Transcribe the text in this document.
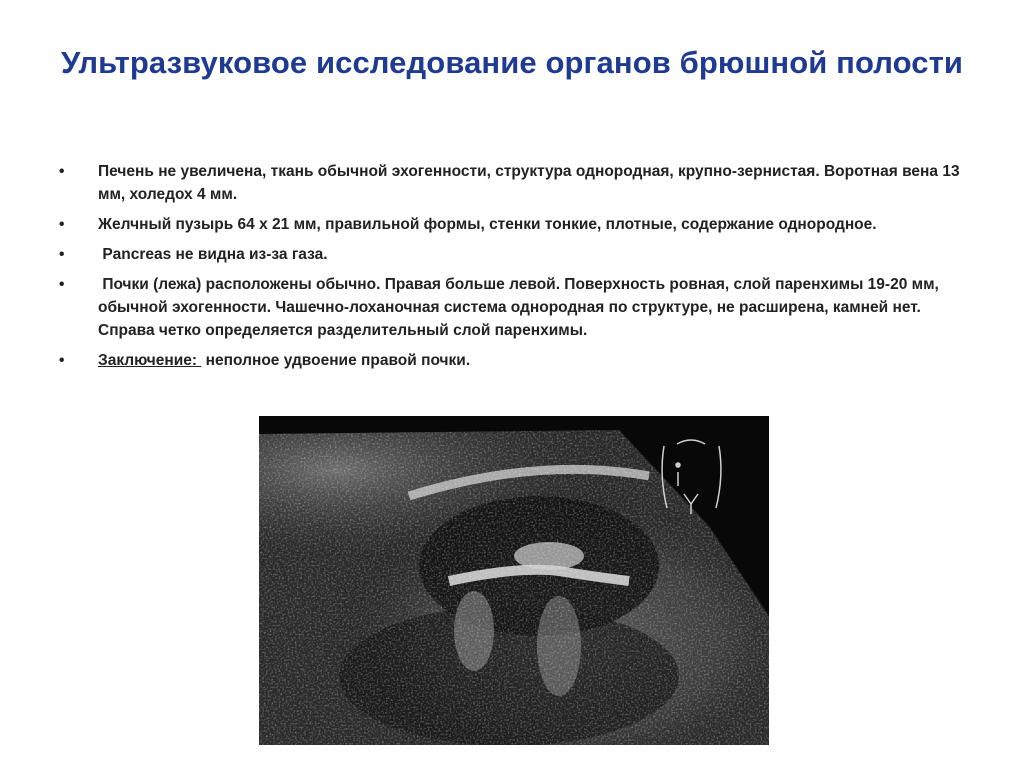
Ультразвуковое исследование органов брюшной полости
• Печень не увеличена, ткань обычной эхогенности, структура однородная, крупно-зернистая. Воротная вена 13 мм, холедох 4 мм.
• Желчный пузырь 64 х 21 мм, правильной формы, стенки тонкие, плотные, содержание однородное.
• Pancreas не видна из-за газа.
• Почки (лежа) расположены обычно. Правая больше левой. Поверхность ровная, слой паренхимы 19-20 мм, обычной эхогенности. Чашечно-лоханочная система однородная по структуре, не расширена, камней нет. Справа четко определяется разделительный слой паренхимы.
• Заключение:  неполное удвоение правой почки.
